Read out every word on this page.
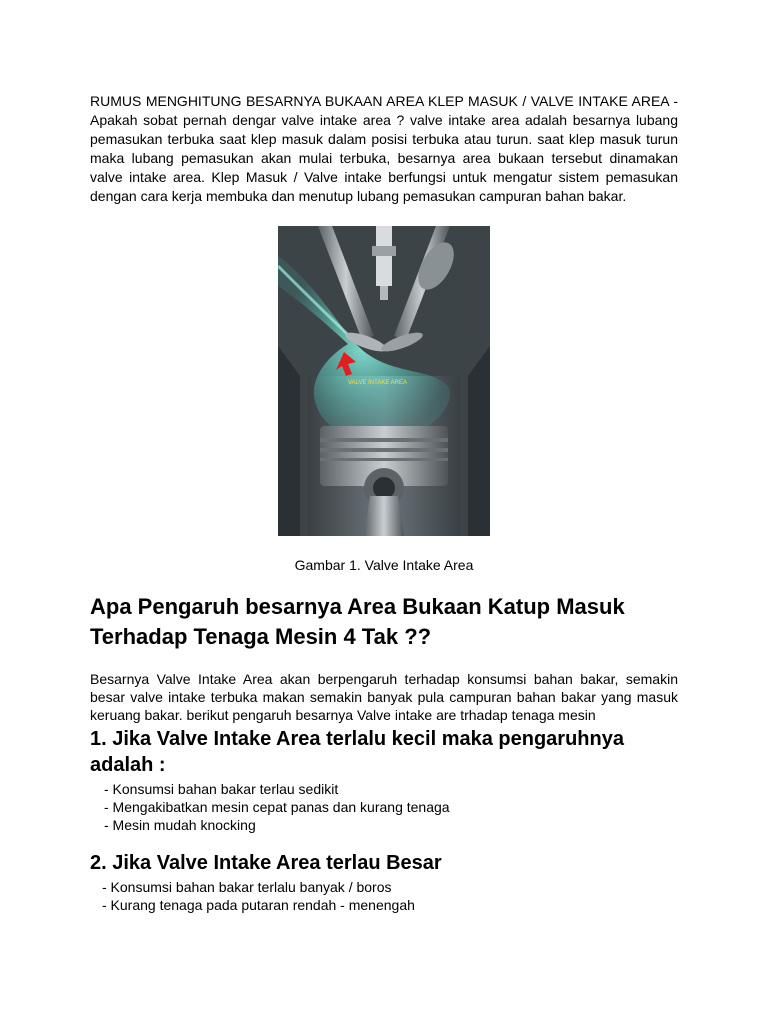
RUMUS MENGHITUNG BESARNYA BUKAAN AREA KLEP MASUK / VALVE INTAKE AREA - Apakah sobat pernah dengar valve intake area ? valve intake area adalah besarnya lubang pemasukan terbuka saat klep masuk dalam posisi terbuka atau turun. saat klep masuk turun maka lubang pemasukan akan mulai terbuka, besarnya area bukaan tersebut dinamakan valve intake area. Klep Masuk / Valve intake berfungsi untuk mengatur sistem pemasukan dengan cara kerja membuka dan menutup lubang pemasukan campuran bahan bakar.

VALVE INTAKE AREA
Gambar 1. Valve Intake Area
Apa Pengaruh besarnya Area Bukaan Katup Masuk Terhadap Tenaga Mesin 4 Tak ??

Besarnya Valve Intake Area akan berpengaruh terhadap konsumsi bahan bakar, semakin besar valve intake terbuka makan semakin banyak pula campuran bahan bakar yang masuk keruang bakar. berikut pengaruh besarnya Valve intake are trhadap tenaga mesin

1. Jika Valve Intake Area terlalu kecil maka pengaruhnya adalah :
- Konsumsi bahan bakar terlau sedikit
- Mengakibatkan mesin cepat panas dan kurang tenaga
- Mesin mudah knocking
2. Jika Valve Intake Area terlau Besar
- Konsumsi bahan bakar terlalu banyak / boros
- Kurang tenaga pada putaran rendah - menengah
